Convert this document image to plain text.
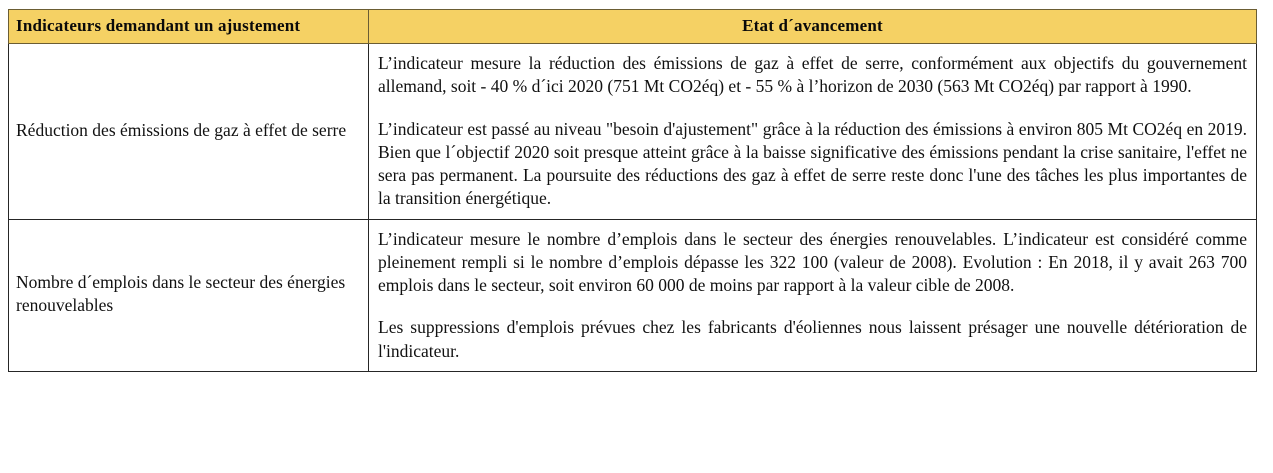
Indicateurs demandant un ajustement	Etat d´avancement
Réduction des émissions de gaz à effet de serre	L’indicateur mesure la réduction des émissions de gaz à effet de serre, conformément aux objectifs du gouvernement allemand, soit - 40 % d´ici 2020 (751 Mt CO2éq) et - 55 % à l’horizon de 2030 (563 Mt CO2éq) par rapport à 1990.

L’indicateur est passé au niveau "besoin d'ajustement" grâce à la réduction des émissions à environ 805 Mt CO2éq en 2019. Bien que l´objectif 2020 soit presque atteint grâce à la baisse significative des émissions pendant la crise sanitaire, l'effet ne sera pas permanent. La poursuite des réductions des gaz à effet de serre reste donc l'une des tâches les plus importantes de la transition énergétique.

Nombre d´emplois dans le secteur des énergies renouvelables	L’indicateur mesure le nombre d’emplois dans le secteur des énergies renouvelables. L’indicateur est considéré comme pleinement rempli si le nombre d’emplois dépasse les 322 100 (valeur de 2008). Evolution : En 2018, il y avait 263 700 emplois dans le secteur, soit environ 60 000 de moins par rapport à la valeur cible de 2008.

Les suppressions d'emplois prévues chez les fabricants d'éoliennes nous laissent présager une nouvelle détérioration de l'indicateur.
